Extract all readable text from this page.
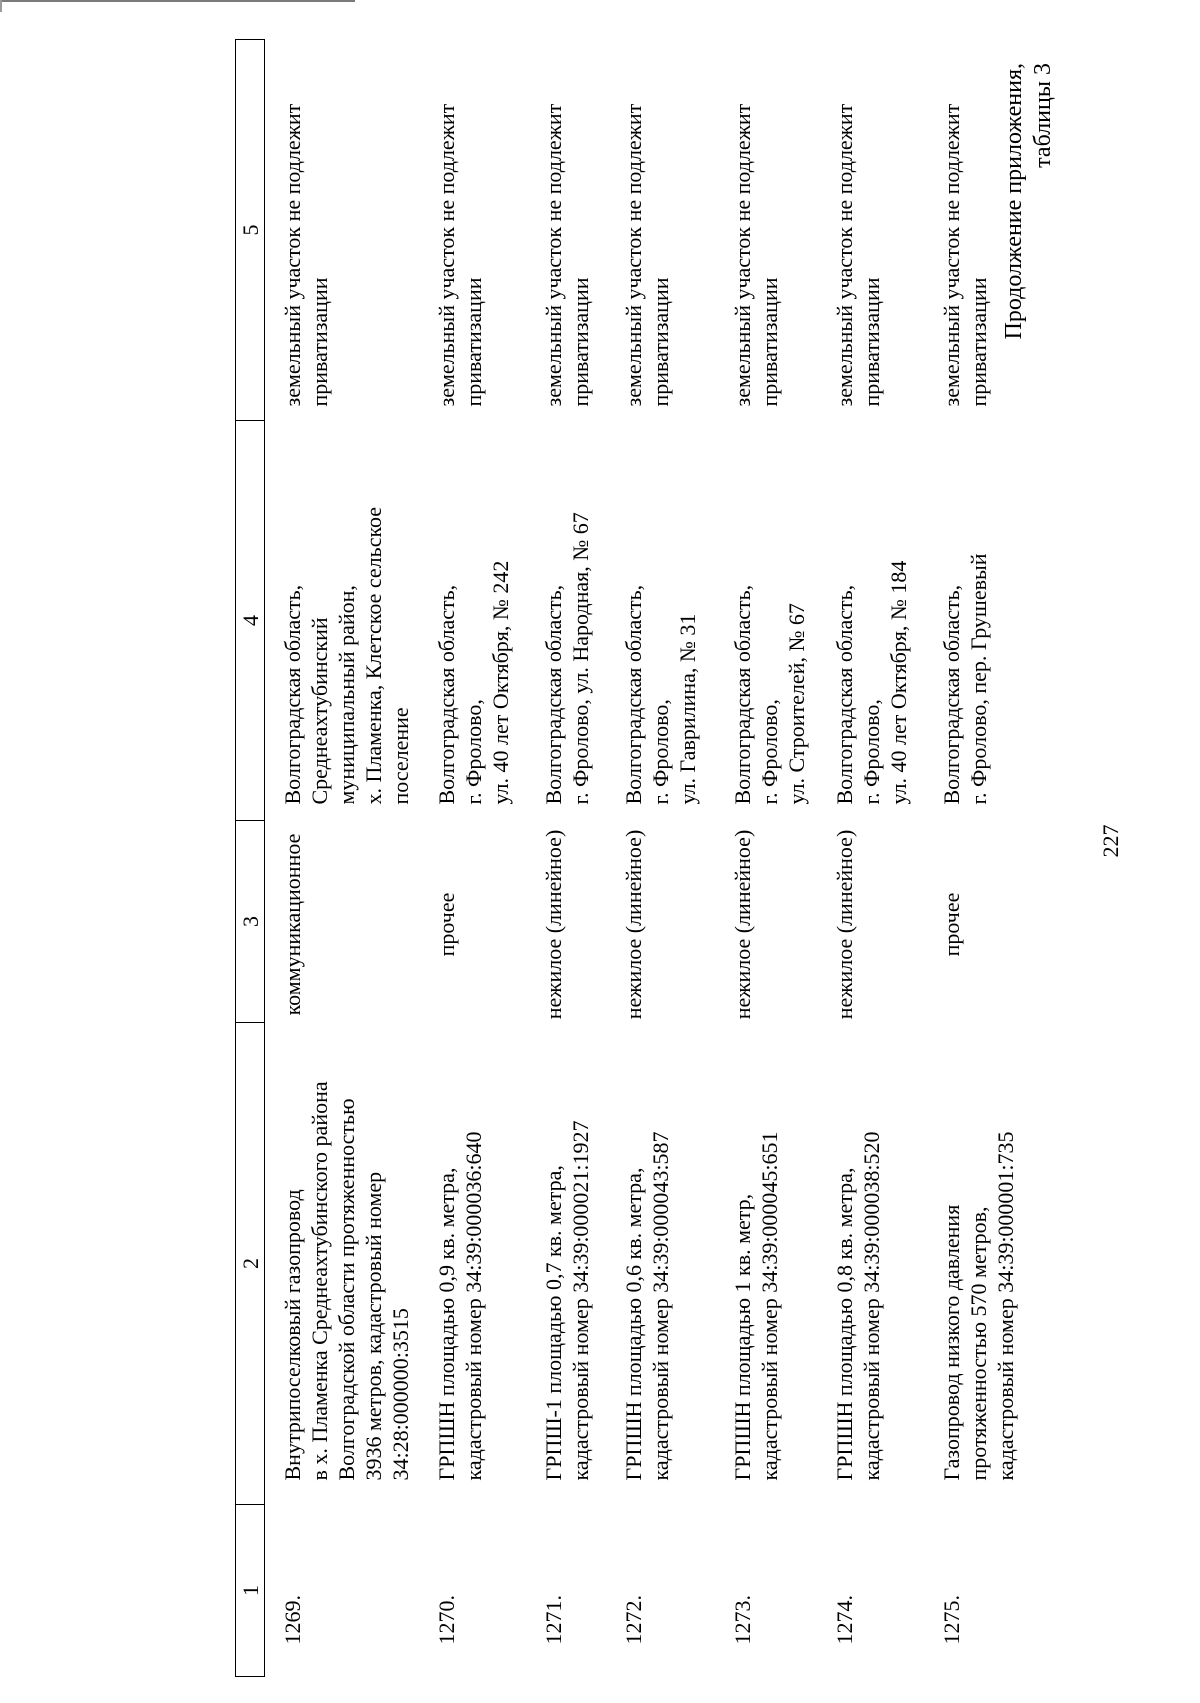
227
Продолжение приложения, таблицы 3
1	2	3	4	5
1269.	Внутрипоселковый газопровод в х. Пламенка Среднеахтубинского района Волгоградской области протяженностью 3936 метров, кадастровый номер 34:28:000000:3515	коммуникационное	Волгоградская область, Среднеахтубинский муниципальный район, х. Пламенка, Клетское сельское поселение	земельный участок не подлежит приватизации

1270.	ГРПШН площадью 0,9 кв. метра, кадастровый номер 34:39:000036:640	прочее	Волгоградская область, г. Фролово, ул. 40 лет Октября, № 242	земельный участок не подлежит приватизации

1271.	ГРПШ-1 площадью 0,7 кв. метра, кадастровый номер 34:39:000021:1927	нежилое (линейное)	Волгоградская область, г. Фролово, ул. Народная, № 67	земельный участок не подлежит приватизации

1272.	ГРПШН площадью 0,6 кв. метра, кадастровый номер 34:39:000043:587	нежилое (линейное)	Волгоградская область, г. Фролово, ул. Гаврилина, № 31	земельный участок не подлежит приватизации

1273.	ГРПШН площадью 1 кв. метр, кадастровый номер 34:39:000045:651	нежилое (линейное)	Волгоградская область, г. Фролово, ул. Строителей, № 67	земельный участок не подлежит приватизации

1274.	ГРПШН площадью 0,8 кв. метра, кадастровый номер 34:39:000038:520	нежилое (линейное)	Волгоградская область, г. Фролово, ул. 40 лет Октября, № 184	земельный участок не подлежит приватизации

1275.	Газопровод низкого давления протяженностью 570 метров, кадастровый номер 34:39:000001:735	прочее	Волгоградская область, г. Фролово, пер. Грушевый	земельный участок не подлежит приватизации
